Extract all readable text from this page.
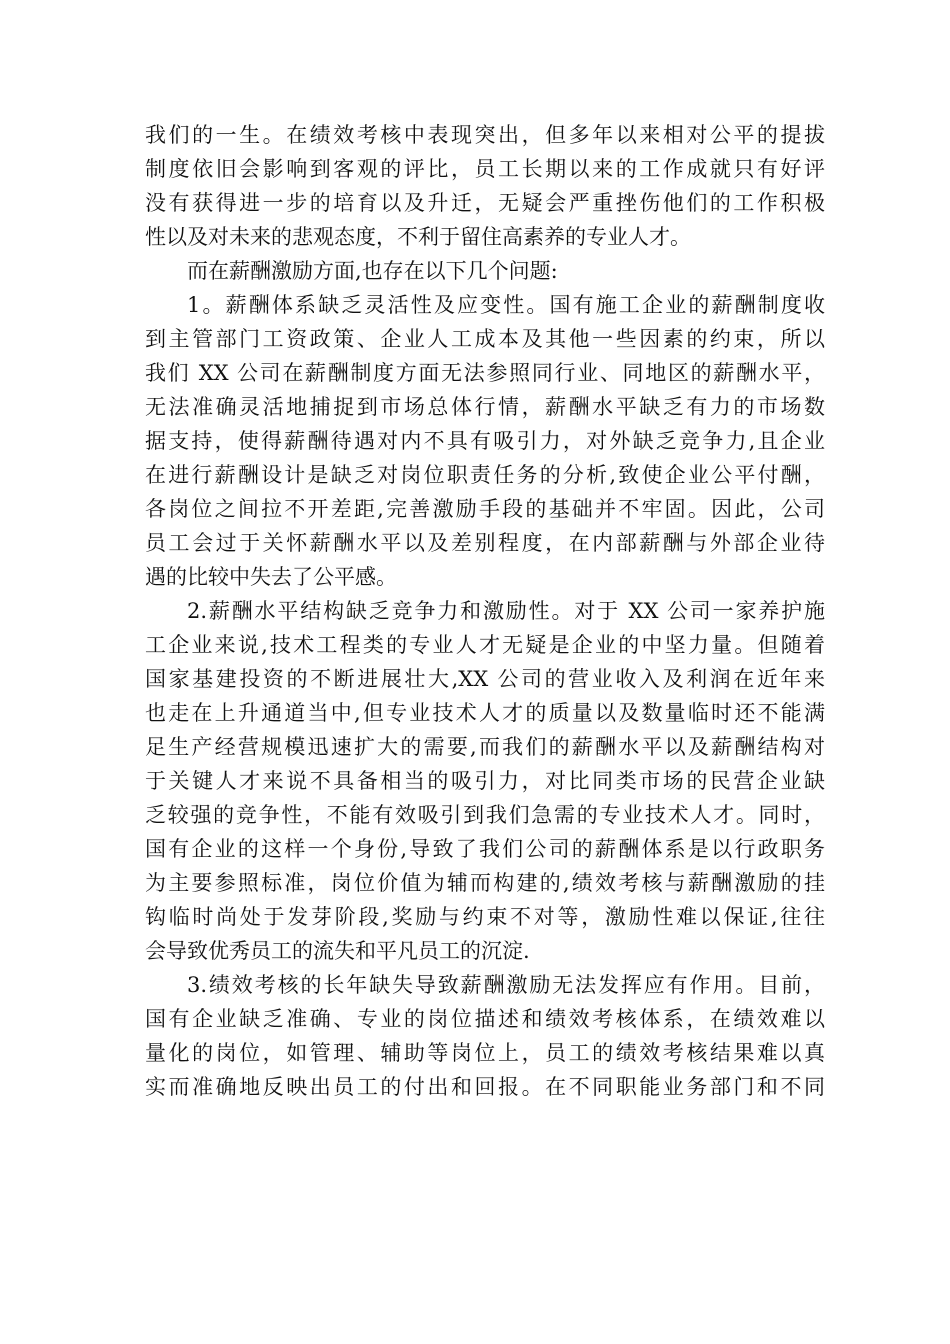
我们的一生。在绩效考核中表现突出，但多年以来相对公平的提拔
制度依旧会影响到客观的评比，员工长期以来的工作成就只有好评
没有获得进一步的培育以及升迁，无疑会严重挫伤他们的工作积极
性以及对未来的悲观态度，不利于留住高素养的专业人才。
而在薪酬激励方面,也存在以下几个问题:
1。薪酬体系缺乏灵活性及应变性。国有施工企业的薪酬制度收
到主管部门工资政策、企业人工成本及其他一些因素的约束，所以
我们 XX 公司在薪酬制度方面无法参照同行业、同地区的薪酬水平，
无法准确灵活地捕捉到市场总体行情，薪酬水平缺乏有力的市场数
据支持，使得薪酬待遇对内不具有吸引力，对外缺乏竞争力,且企业
在进行薪酬设计是缺乏对岗位职责任务的分析,致使企业公平付酬，
各岗位之间拉不开差距,完善激励手段的基础并不牢固。因此，公司
员工会过于关怀薪酬水平以及差别程度，在内部薪酬与外部企业待
遇的比较中失去了公平感。
2.薪酬水平结构缺乏竞争力和激励性。对于 XX 公司一家养护施
工企业来说,技术工程类的专业人才无疑是企业的中坚力量。但随着
国家基建投资的不断进展壮大,XX 公司的营业收入及利润在近年来
也走在上升通道当中,但专业技术人才的质量以及数量临时还不能满
足生产经营规模迅速扩大的需要,而我们的薪酬水平以及薪酬结构对
于关键人才来说不具备相当的吸引力，对比同类市场的民营企业缺
乏较强的竞争性，不能有效吸引到我们急需的专业技术人才。同时，
国有企业的这样一个身份,导致了我们公司的薪酬体系是以行政职务
为主要参照标准，岗位价值为辅而构建的,绩效考核与薪酬激励的挂
钩临时尚处于发芽阶段,奖励与约束不对等，激励性难以保证,往往
会导致优秀员工的流失和平凡员工的沉淀.
3.绩效考核的长年缺失导致薪酬激励无法发挥应有作用。目前，
国有企业缺乏准确、专业的岗位描述和绩效考核体系，在绩效难以
量化的岗位，如管理、辅助等岗位上，员工的绩效考核结果难以真
实而准确地反映出员工的付出和回报。在不同职能业务部门和不同
